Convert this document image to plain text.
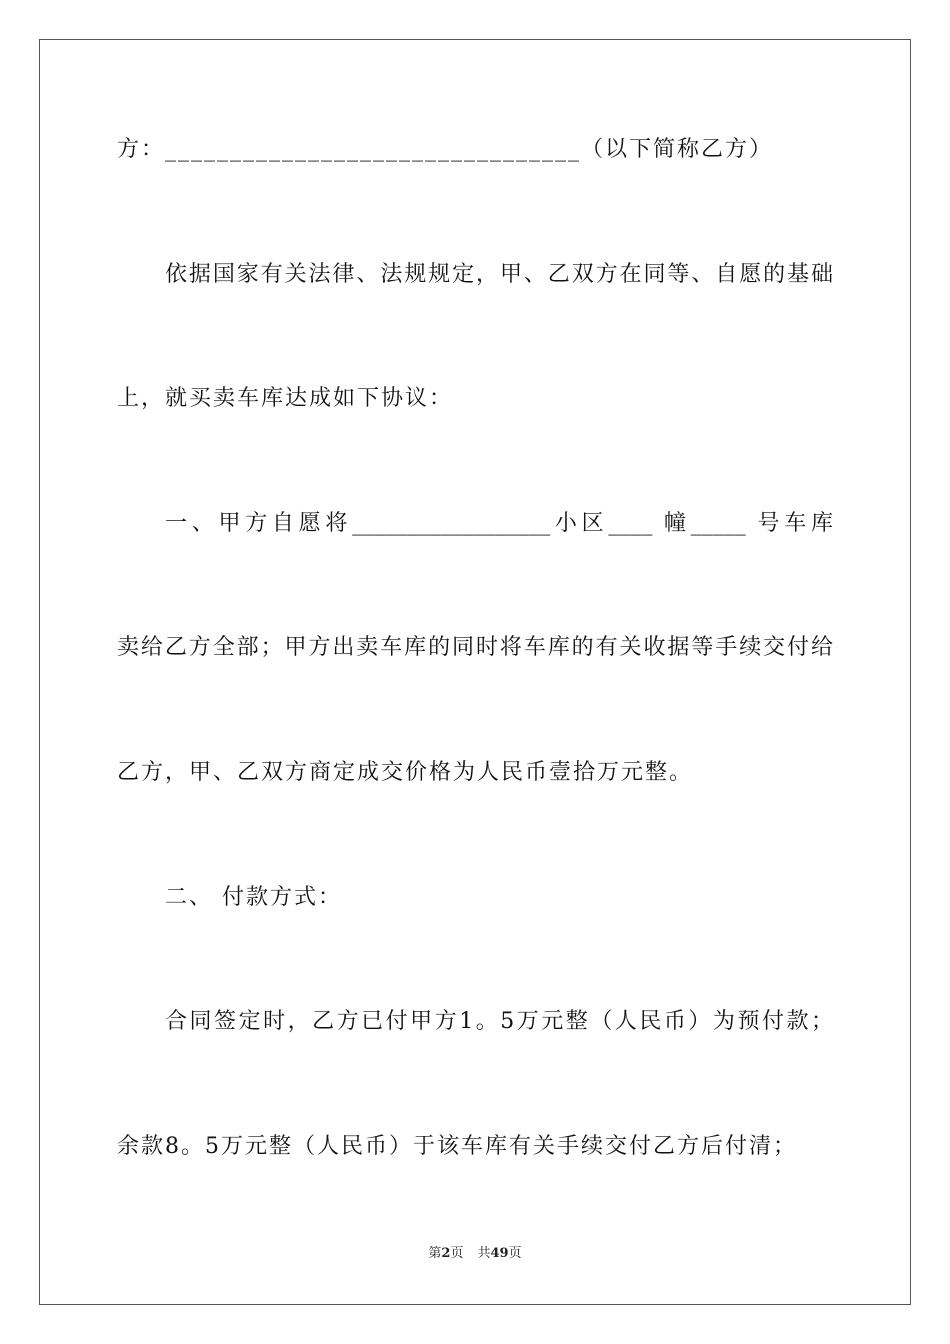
方：________________________________（以下简称乙方）
依据国家有关法律、法规规定，甲、乙双方在同等、自愿的基础
上，就买卖车库达成如下协议：
一、甲方自愿将__________________小区____ 幢_____ 号车库
卖给乙方全部；甲方出卖车库的同时将车库的有关收据等手续交付给
乙方，甲、乙双方商定成交价格为人民币壹拾万元整。
二、 付款方式：
合同签定时，乙方已付甲方1。5万元整（人民币）为预付款；
余款8。5万元整（人民币）于该车库有关手续交付乙方后付清；
第2页 共49页
